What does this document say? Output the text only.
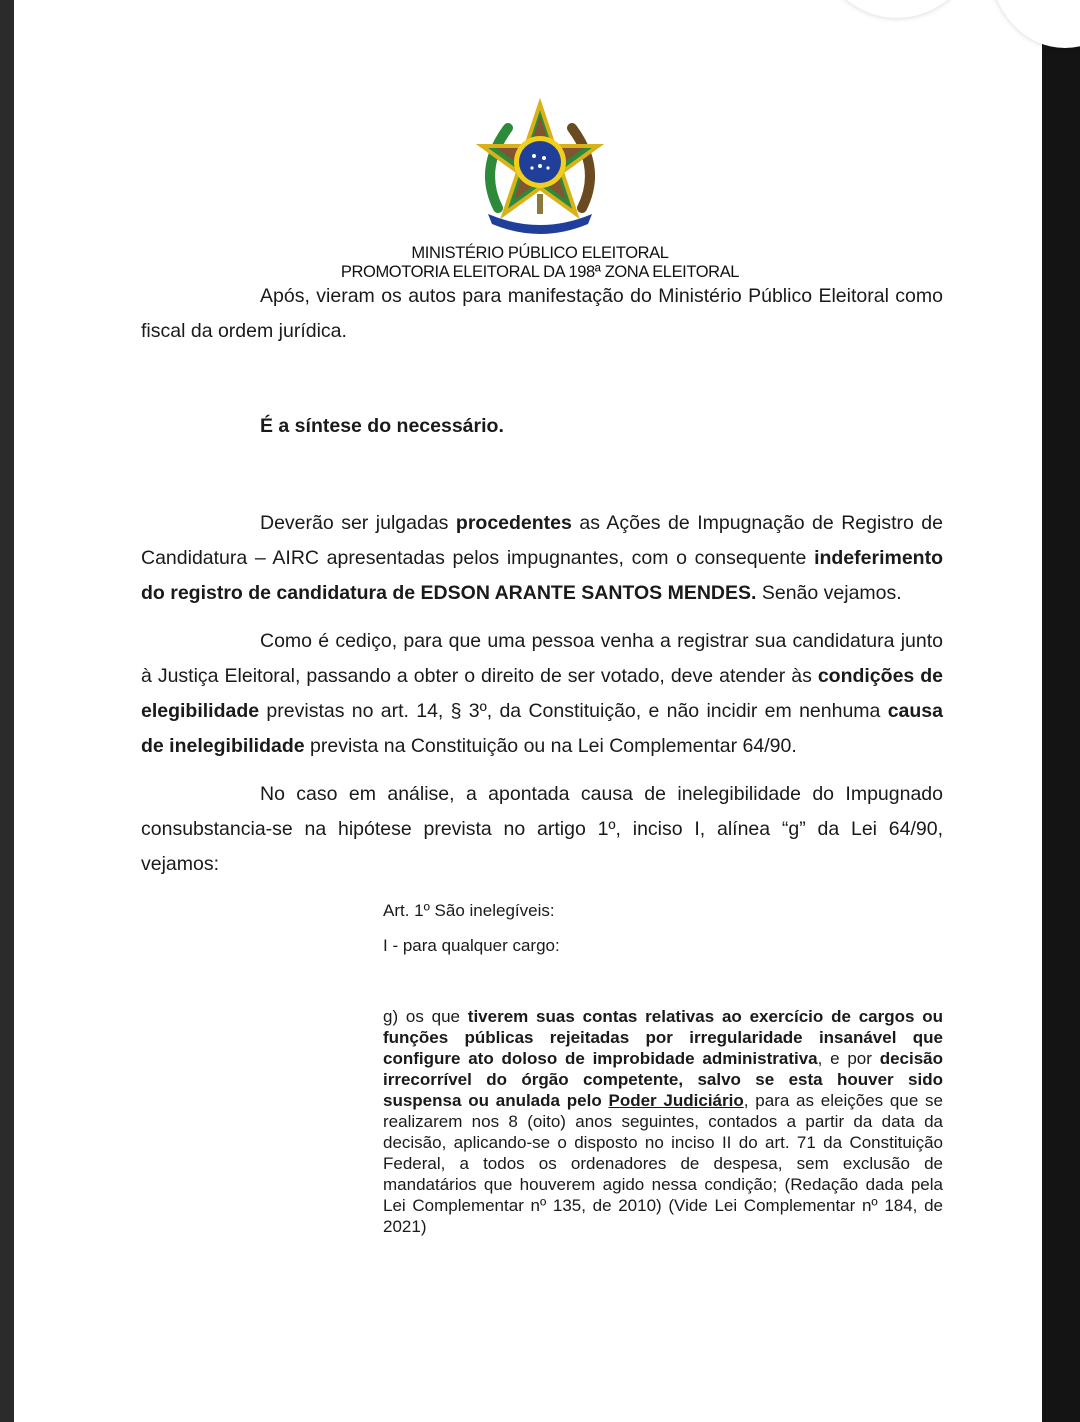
MINISTÉRIO PÚBLICO ELEITORAL
PROMOTORIA ELEITORAL DA 198ª ZONA ELEITORAL
Após, vieram os autos para manifestação do Ministério Público Eleitoral como fiscal da ordem jurídica.
É a síntese do necessário.
Deverão ser julgadas procedentes as Ações de Impugnação de Registro de Candidatura – AIRC apresentadas pelos impugnantes, com o consequente indeferimento do registro de candidatura de EDSON ARANTE SANTOS MENDES. Senão vejamos.
Como é cediço, para que uma pessoa venha a registrar sua candidatura junto à Justiça Eleitoral, passando a obter o direito de ser votado, deve atender às condições de elegibilidade previstas no art. 14, § 3º, da Constituição, e não incidir em nenhuma causa de inelegibilidade prevista na Constituição ou na Lei Complementar 64/90.
No caso em análise, a apontada causa de inelegibilidade do Impugnado consubstancia-se na hipótese prevista no artigo 1º, inciso I, alínea “g” da Lei 64/90, vejamos:
Art. 1º São inelegíveis:
I - para qualquer cargo:
g) os que tiverem suas contas relativas ao exercício de cargos ou funções públicas rejeitadas por irregularidade insanável que configure ato doloso de improbidade administrativa, e por decisão irrecorrível do órgão competente, salvo se esta houver sido suspensa ou anulada pelo Poder Judiciário, para as eleições que se realizarem nos 8 (oito) anos seguintes, contados a partir da data da decisão, aplicando-se o disposto no inciso II do art. 71 da Constituição Federal, a todos os ordenadores de despesa, sem exclusão de mandatários que houverem agido nessa condição; (Redação dada pela Lei Complementar nº 135, de 2010) (Vide Lei Complementar nº 184, de 2021)
